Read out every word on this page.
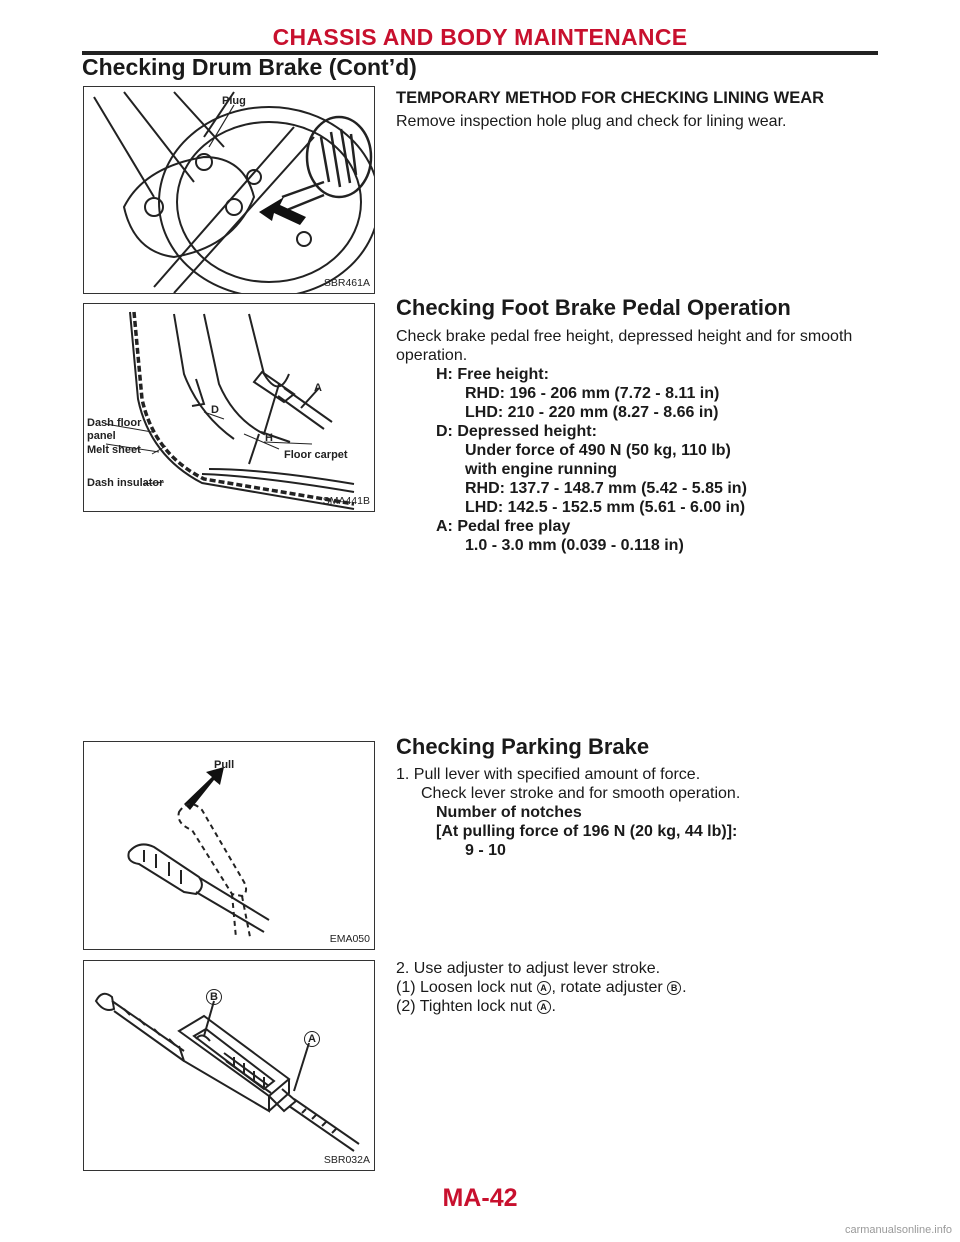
CHASSIS AND BODY MAINTENANCE
Checking Drum Brake (Cont’d)
Plug
SBR461A
TEMPORARY METHOD FOR CHECKING LINING WEAR
Remove inspection hole plug and check for lining wear.
Dash floor
panel
Melt sheet
Dash insulator
D
H
A
Floor carpet
SMA441B
Checking Foot Brake Pedal Operation
Check brake pedal free height, depressed height and for smooth
operation.
H: Free height:
RHD: 196 - 206 mm (7.72 - 8.11 in)
LHD: 210 - 220 mm (8.27 - 8.66 in)
D: Depressed height:
Under force of 490 N (50 kg, 110 lb)
with engine running
RHD: 137.7 - 148.7 mm (5.42 - 5.85 in)
LHD: 142.5 - 152.5 mm (5.61 - 6.00 in)
A: Pedal free play
1.0 - 3.0 mm (0.039 - 0.118 in)
Pull
EMA050
Checking Parking Brake
1. Pull lever with specified amount of force.
Check lever stroke and for smooth operation.
Number of notches
[At pulling force of 196 N (20 kg, 44 lb)]:
9 - 10
B
A
SBR032A
2. Use adjuster to adjust lever stroke.
(1) Loosen lock nut A , rotate adjuster B .
(2) Tighten lock nut A .
MA-42
carmanualsonline.info
